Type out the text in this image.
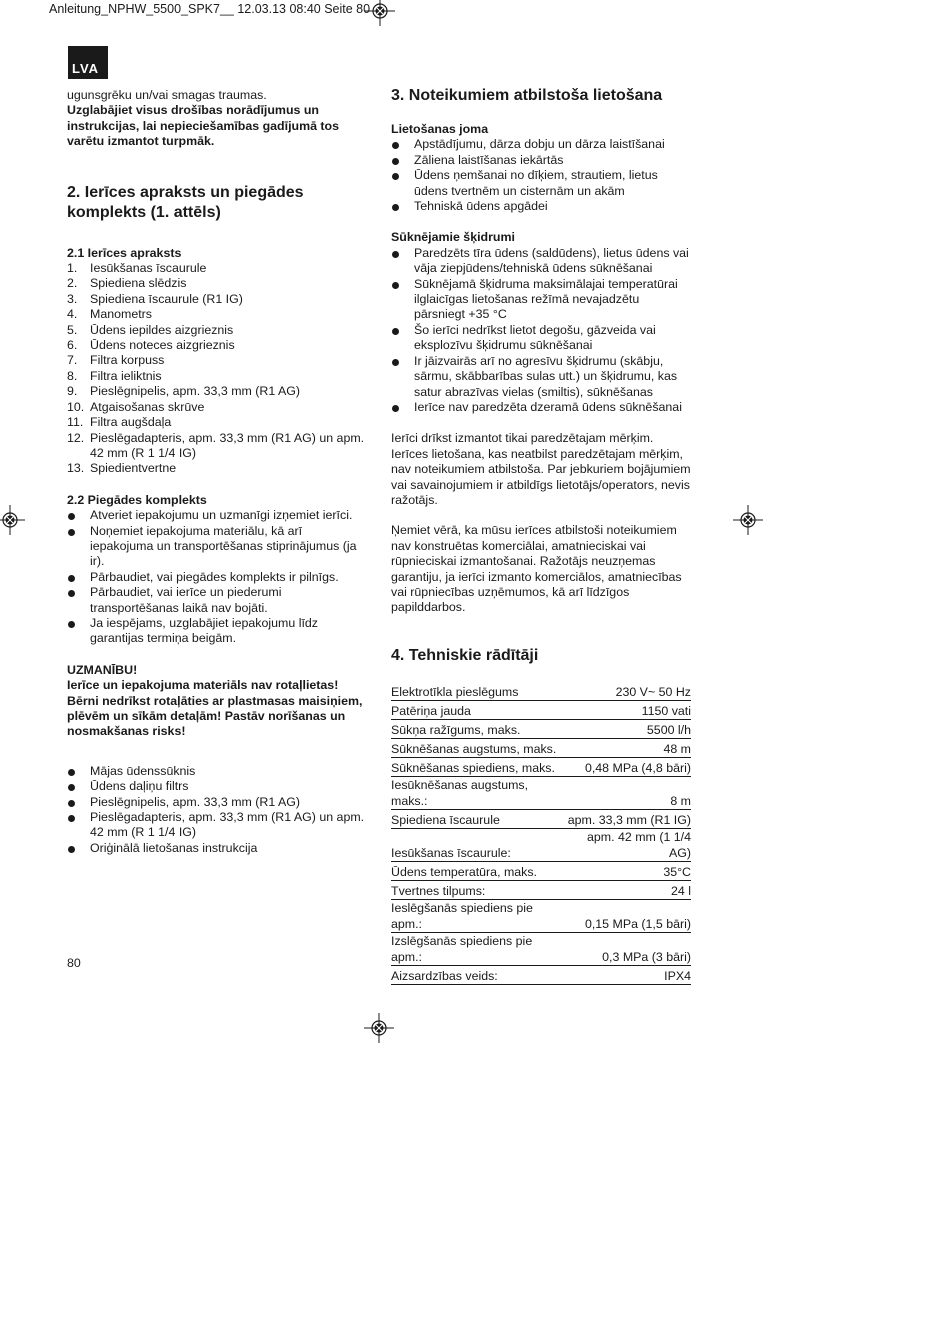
Anleitung_NPHW_5500_SPK7__ 12.03.13 08:40 Seite 80
LVA

ugunsgrēku un/vai smagas traumas.

Uzglabājiet visus drošības norādījumus un instrukcijas, lai nepieciešamības gadījumā tos varētu izmantot turpmāk.

2. Ierīces apraksts un piegādes komplekts (1. attēls)

2.1 Ierīces apraksts

1.	Iesūkšanas īscaurule
2.	Spiediena slēdzis
3.	Spiediena īscaurule (R1 IG)
4.	Manometrs
5.	Ūdens iepildes aizgrieznis
6.	Ūdens noteces aizgrieznis
7.	Filtra korpuss
8.	Filtra ieliktnis
9.	Pieslēgnipelis, apm. 33,3 mm (R1 AG)
10. Atgaisošanas skrūve
11. Filtra augšdaļa
12. Pieslēgadapteris, apm. 33,3 mm (R1 AG) un apm. 42 mm (R 1 1/4 IG)
13. Spiedientvertne

2.2 Piegādes komplekts

Atveriet iepakojumu un uzmanīgi izņemiet ierīci.
Noņemiet iepakojuma materiālu, kā arī iepakojuma un transportēšanas stiprinājumus (ja ir).
Pārbaudiet, vai piegādes komplekts ir pilnīgs.
Pārbaudiet, vai ierīce un piederumi transportēšanas laikā nav bojāti.
Ja iespējams, uzglabājiet iepakojumu līdz garantijas termiņa beigām.

UZMANĪBU!

Ierīce un iepakojuma materiāls nav rotaļlietas! Bērni nedrīkst rotaļāties ar plastmasas maisiņiem, plēvēm un sīkām detaļām! Pastāv norīšanas un nosmakšanas risks!

Mājas ūdenssūknis
Ūdens daļiņu filtrs
Pieslēgnipelis, apm. 33,3 mm (R1 AG)
Pieslēgadapteris, apm. 33,3 mm (R1 AG) un apm. 42 mm (R 1 1/4 IG)
Oriģinālā lietošanas instrukcija
3. Noteikumiem atbilstoša lietošana

Lietošanas joma

Apstādījumu, dārza dobju un dārza laistīšanai
Zāliena laistīšanas iekārtās
Ūdens ņemšanai no dīķiem, strautiem, lietus ūdens tvertnēm un cisternām un akām
Tehniskā ūdens apgādei

Sūknējamie šķidrumi

Paredzēts tīra ūdens (saldūdens), lietus ūdens vai vāja ziepjūdens/tehniskā ūdens sūknēšanai
Sūknējamā šķidruma maksimālajai temperatūrai ilglaicīgas lietošanas režīmā nevajadzētu pārsniegt +35 °C
Šo ierīci nedrīkst lietot degošu, gāzveida vai eksplozīvu šķidrumu sūknēšanai
Ir jāizvairās arī no agresīvu šķidrumu (skābju, sārmu, skābbarības sulas utt.) un šķidrumu, kas satur abrazīvas vielas (smiltis), sūknēšanas
Ierīce nav paredzēta dzeramā ūdens sūknēšanai

Ierīci drīkst izmantot tikai paredzētajam mērķim. Ierīces lietošana, kas neatbilst paredzētajam mērķim, nav noteikumiem atbilstoša. Par jebkuriem bojājumiem vai savainojumiem ir atbildīgs lietotājs/operators, nevis ražotājs.

Ņemiet vērā, ka mūsu ierīces atbilstoši noteikumiem nav konstruētas komerciālai, amatnieciskai vai rūpnieciskai izmantošanai. Ražotājs neuzņemas garantiju, ja ierīci izmanto komerciālos, amatniecības vai rūpniecības uzņēmumos, kā arī līdzīgos papilddarbos.

4. Tehniskie rādītāji
Elektrotīkla pieslēgums	230 V~ 50 Hz
Patēriņa jauda	1150 vati
Sūkņa ražīgums, maks.	5500 l/h
Sūknēšanas augstums, maks.	48 m
Sūknēšanas spiediens, maks.	0,48 MPa (4,8 bāri)
Iesūknēšanas augstums, maks.:	8 m
Spiediena īscaurule	apm. 33,3 mm (R1 IG)
Iesūkšanas īscaurule:	apm. 42 mm (1 1/4 AG)
Ūdens temperatūra, maks.	35°C
Tvertnes tilpums:	24 l
Ieslēgšanās spiediens pie apm.:	0,15 MPa (1,5 bāri)
Izslēgšanās spiediens pie apm.:	0,3 MPa (3 bāri)
Aizsardzības veids:	IPX4
80
